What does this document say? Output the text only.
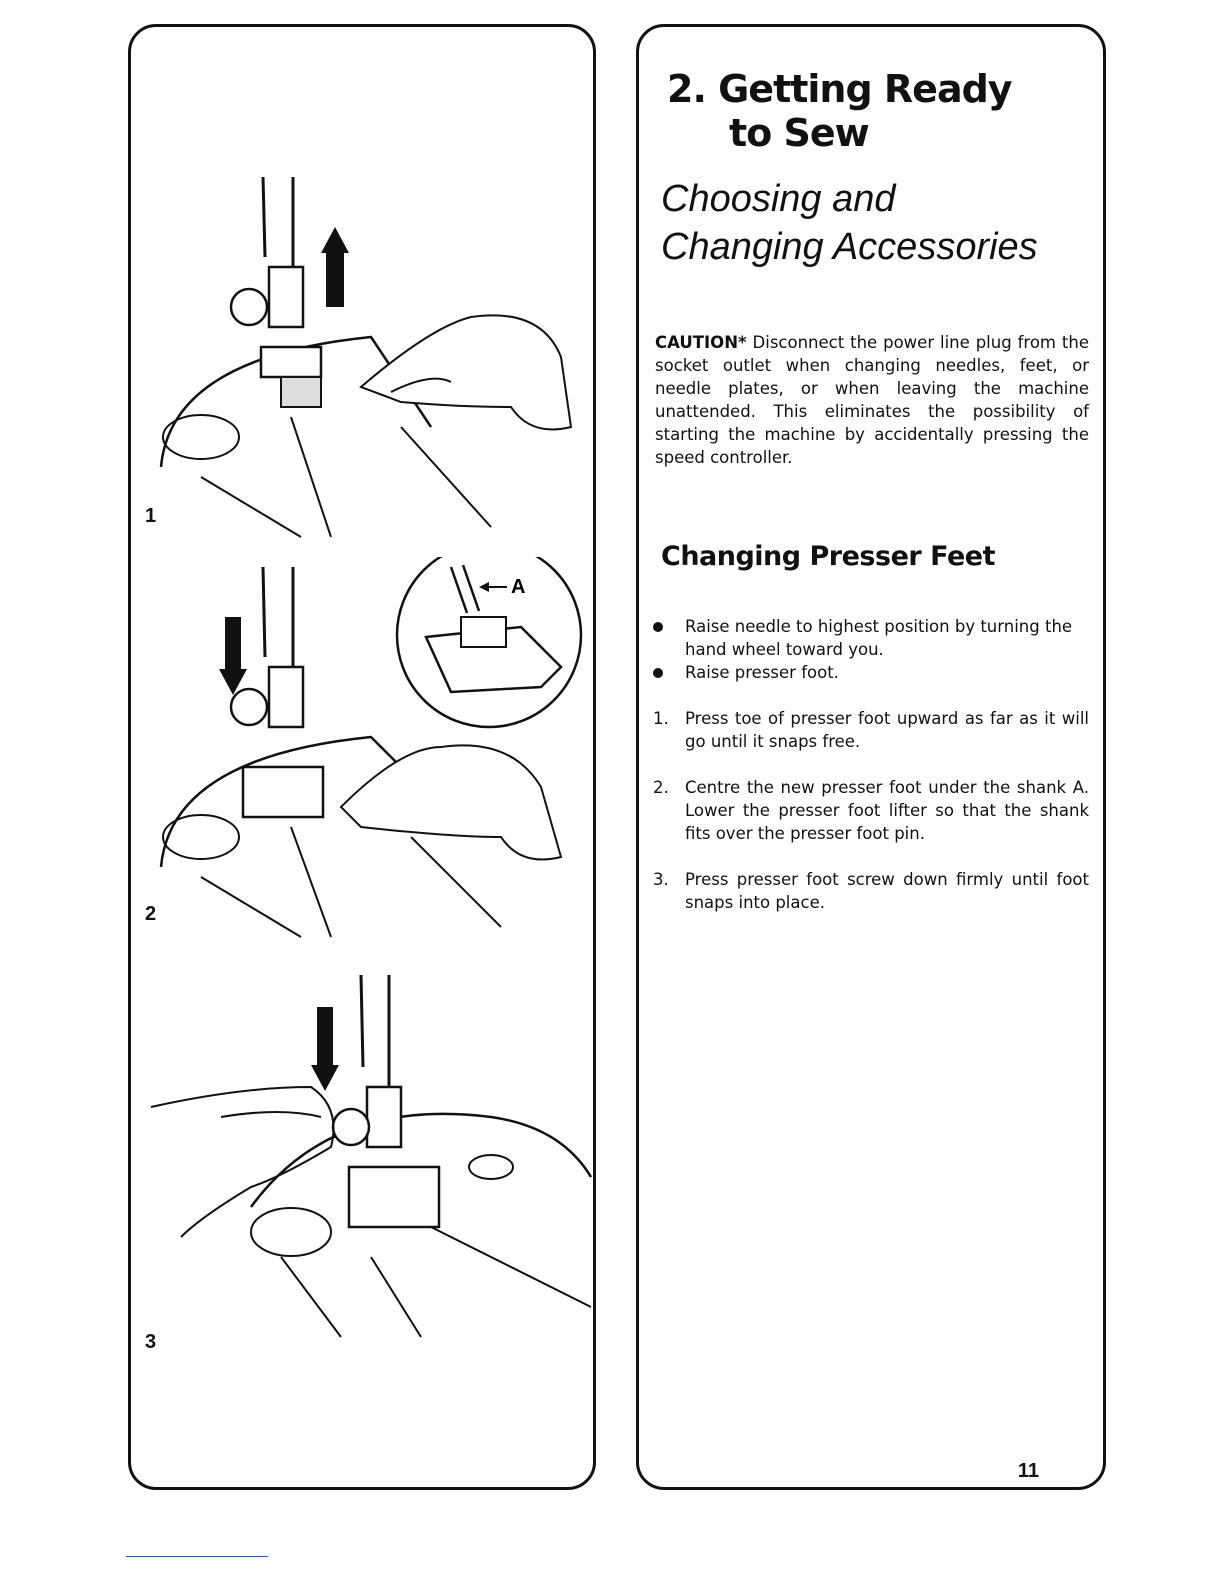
1
A
2
3
2. Getting Ready
to Sew
Choosing and
Changing Accessories

CAUTION* Disconnect the power line plug from the socket outlet when changing needles, feet, or needle plates, or when leaving the machine unattended. This eliminates the possibility of starting the machine by accidentally pressing the speed controller.

Changing Presser Feet
Raise needle to highest position by turning the hand wheel toward you.
Raise presser foot.
1. Press toe of presser foot upward as far as it will go until it snaps free.
2. Centre the new presser foot under the shank A. Lower the presser foot lifter so that the shank fits over the presser foot pin.
3. Press presser foot screw down firmly until foot snaps into place.
11
